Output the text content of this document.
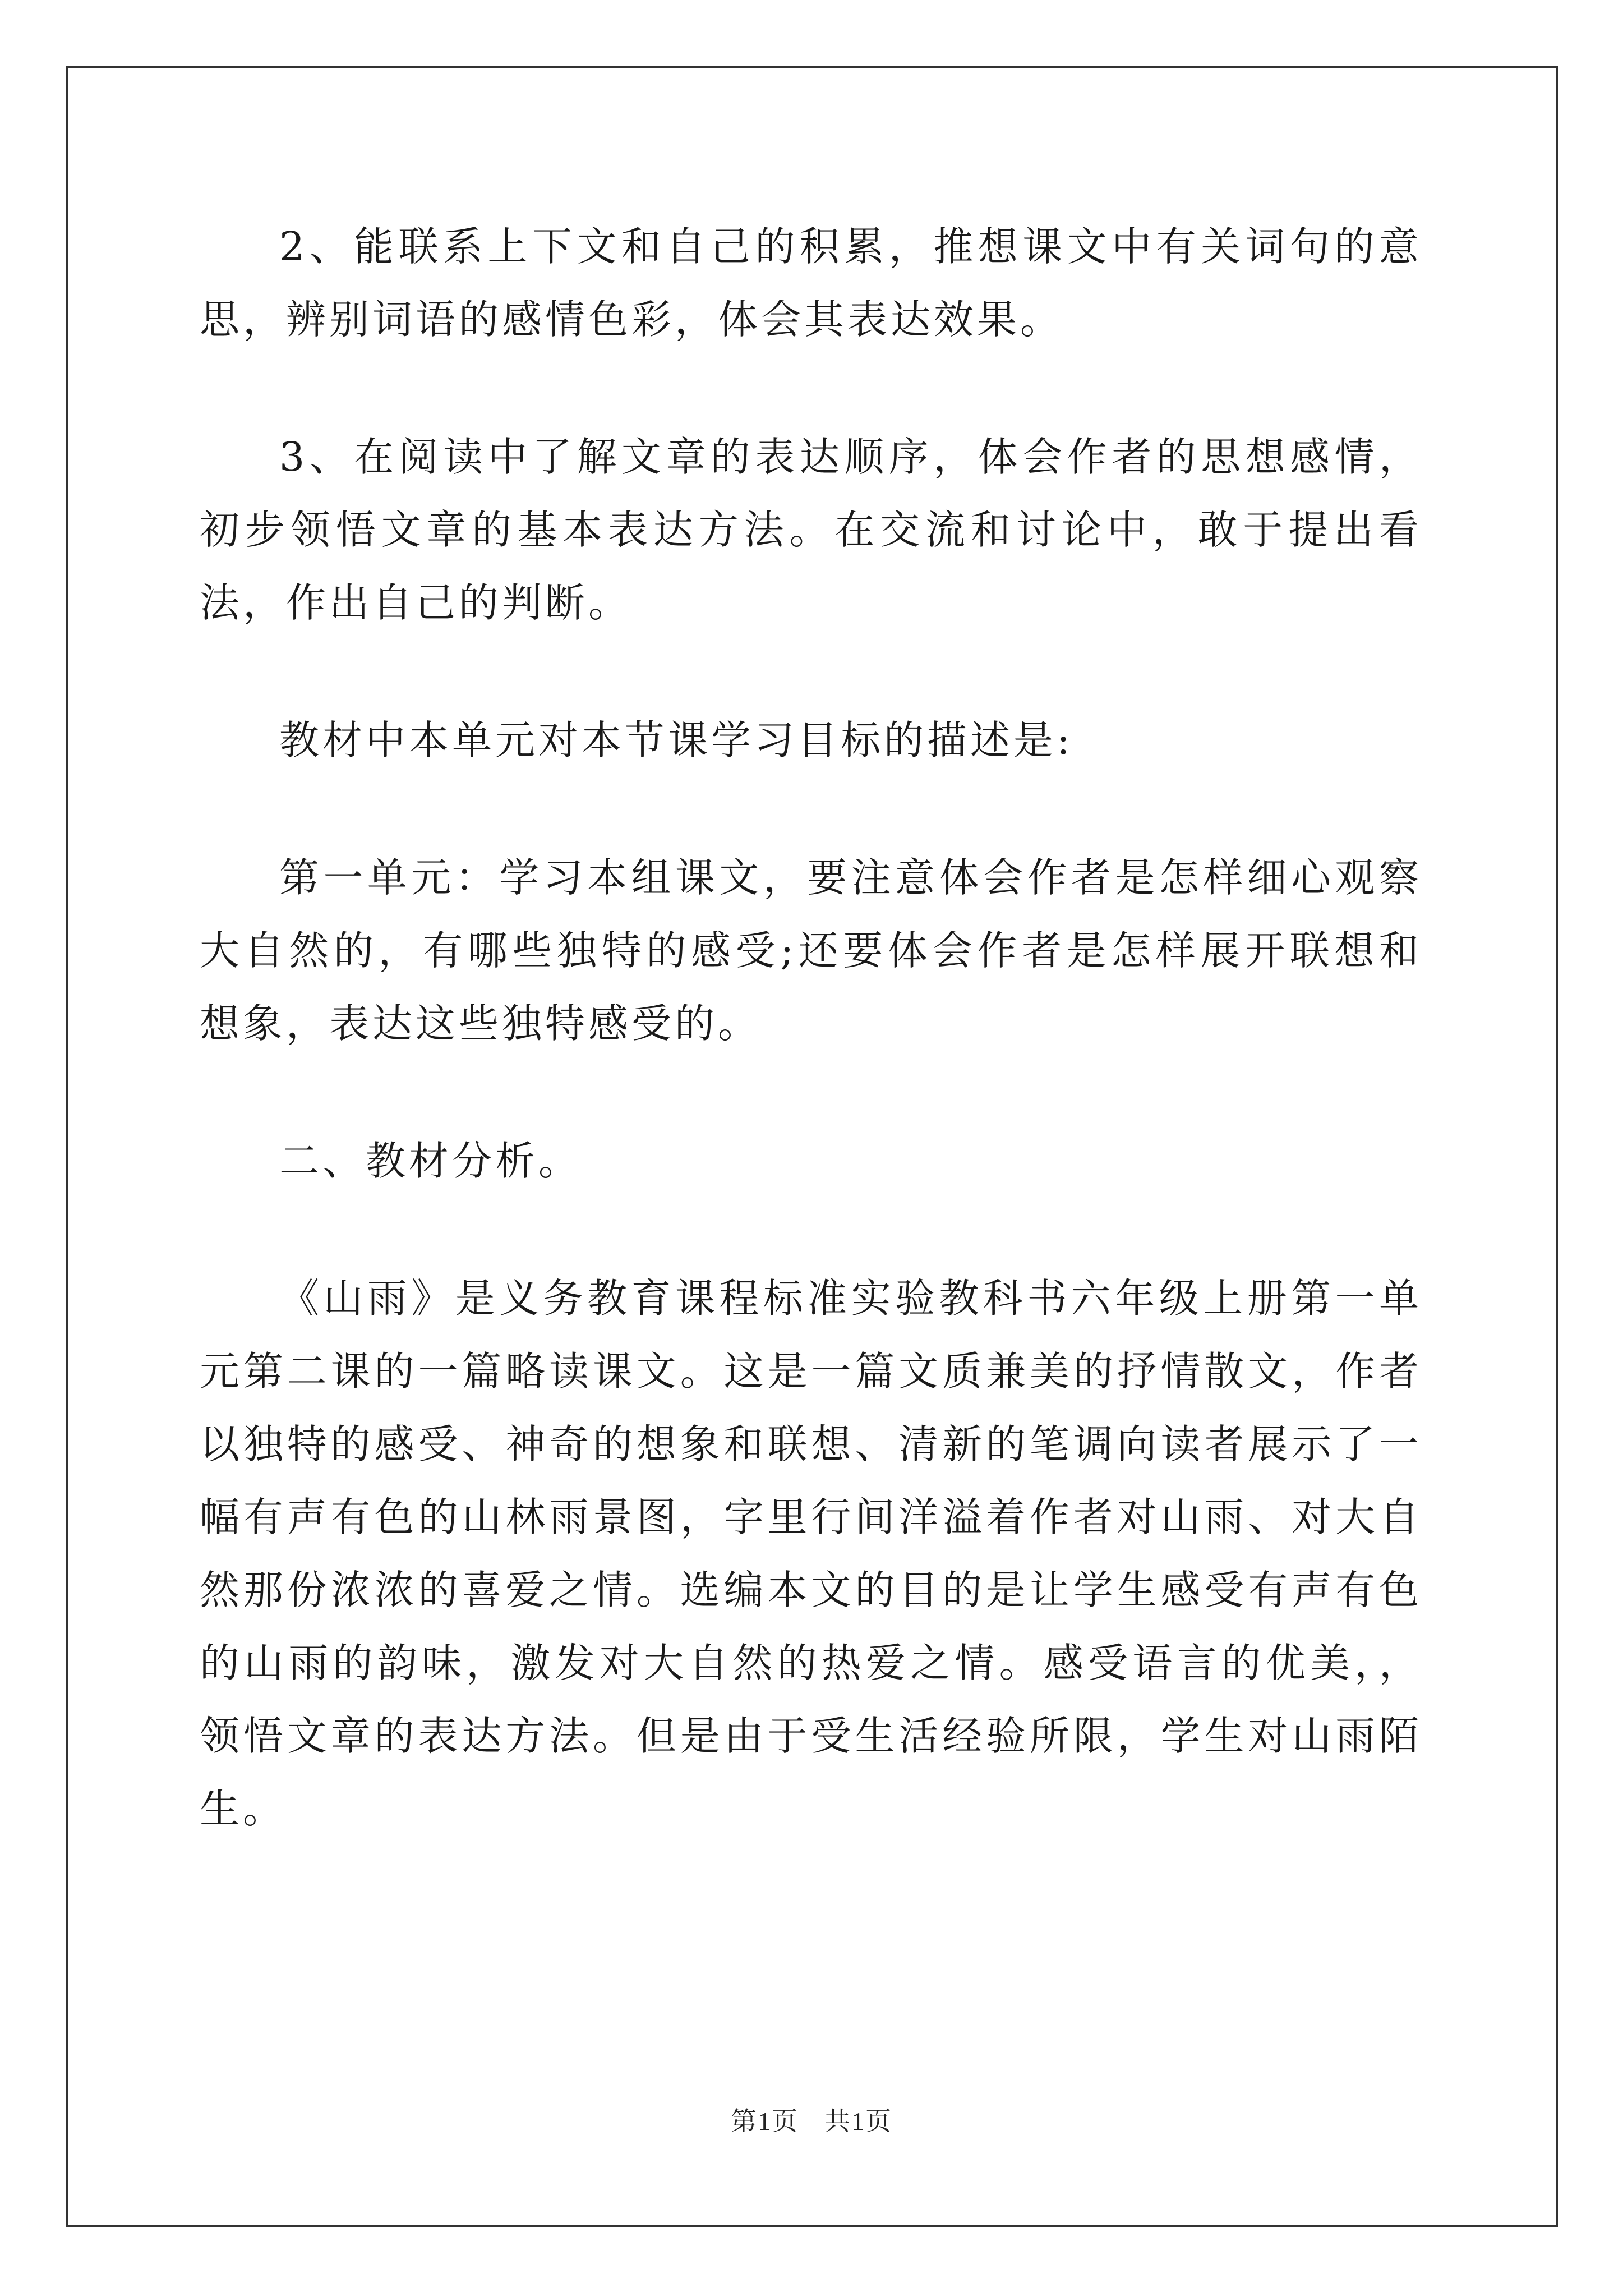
2、能联系上下文和自己的积累，推想课文中有关词句的意思，辨别词语的感情色彩，体会其表达效果。

3、在阅读中了解文章的表达顺序，体会作者的思想感情，初步领悟文章的基本表达方法。在交流和讨论中，敢于提出看法，作出自己的判断。

教材中本单元对本节课学习目标的描述是:

第一单元：学习本组课文，要注意体会作者是怎样细心观察大自然的，有哪些独特的感受;还要体会作者是怎样展开联想和想象，表达这些独特感受的。

二、教材分析。

《山雨》是义务教育课程标准实验教科书六年级上册第一单元第二课的一篇略读课文。这是一篇文质兼美的抒情散文，作者以独特的感受、神奇的想象和联想、清新的笔调向读者展示了一幅有声有色的山林雨景图，字里行间洋溢着作者对山雨、对大自然那份浓浓的喜爱之情。选编本文的目的是让学生感受有声有色的山雨的韵味，激发对大自然的热爱之情。感受语言的优美，，领悟文章的表达方法。但是由于受生活经验所限，学生对山雨陌生。

第1页 共1页
